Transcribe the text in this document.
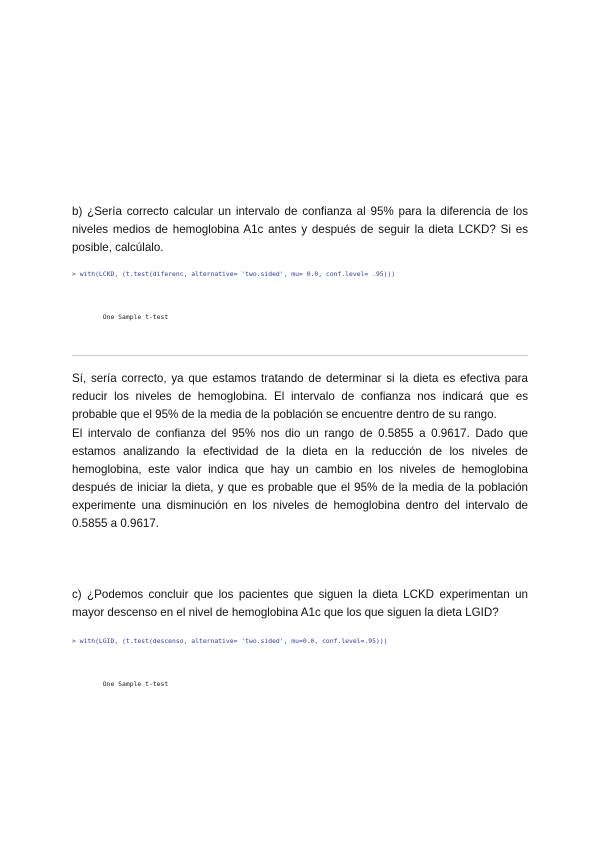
b) ¿Sería correcto calcular un intervalo de confianza al 95% para la diferencia de los niveles medios de hemoglobina A1c antes y después de seguir la dieta LCKD? Si es posible, calcúlalo.

> with(LCKD, (t.test(diferenc, alternative= 'two.sided', mu= 0.0, conf.level= .95)))

One Sample t-test

Sí, sería correcto, ya que estamos tratando de determinar si la dieta es efectiva para reducir los niveles de hemoglobina. El intervalo de confianza nos indicará que es probable que el 95% de la media de la población se encuentre dentro de su rango.

El intervalo de confianza del 95% nos dio un rango de 0.5855 a 0.9617. Dado que estamos analizando la efectividad de la dieta en la reducción de los niveles de hemoglobina, este valor indica que hay un cambio en los niveles de hemoglobina después de iniciar la dieta, y que es probable que el 95% de la media de la población experimente una disminución en los niveles de hemoglobina dentro del intervalo de 0.5855 a 0.9617.

c) ¿Podemos concluir que los pacientes que siguen la dieta LCKD experimentan un mayor descenso en el nivel de hemoglobina A1c que los que siguen la dieta LGID?

> with(LGID, (t.test(descenso, alternative= 'two.sided', mu=0.0, conf.level=.95)))

One Sample t-test
